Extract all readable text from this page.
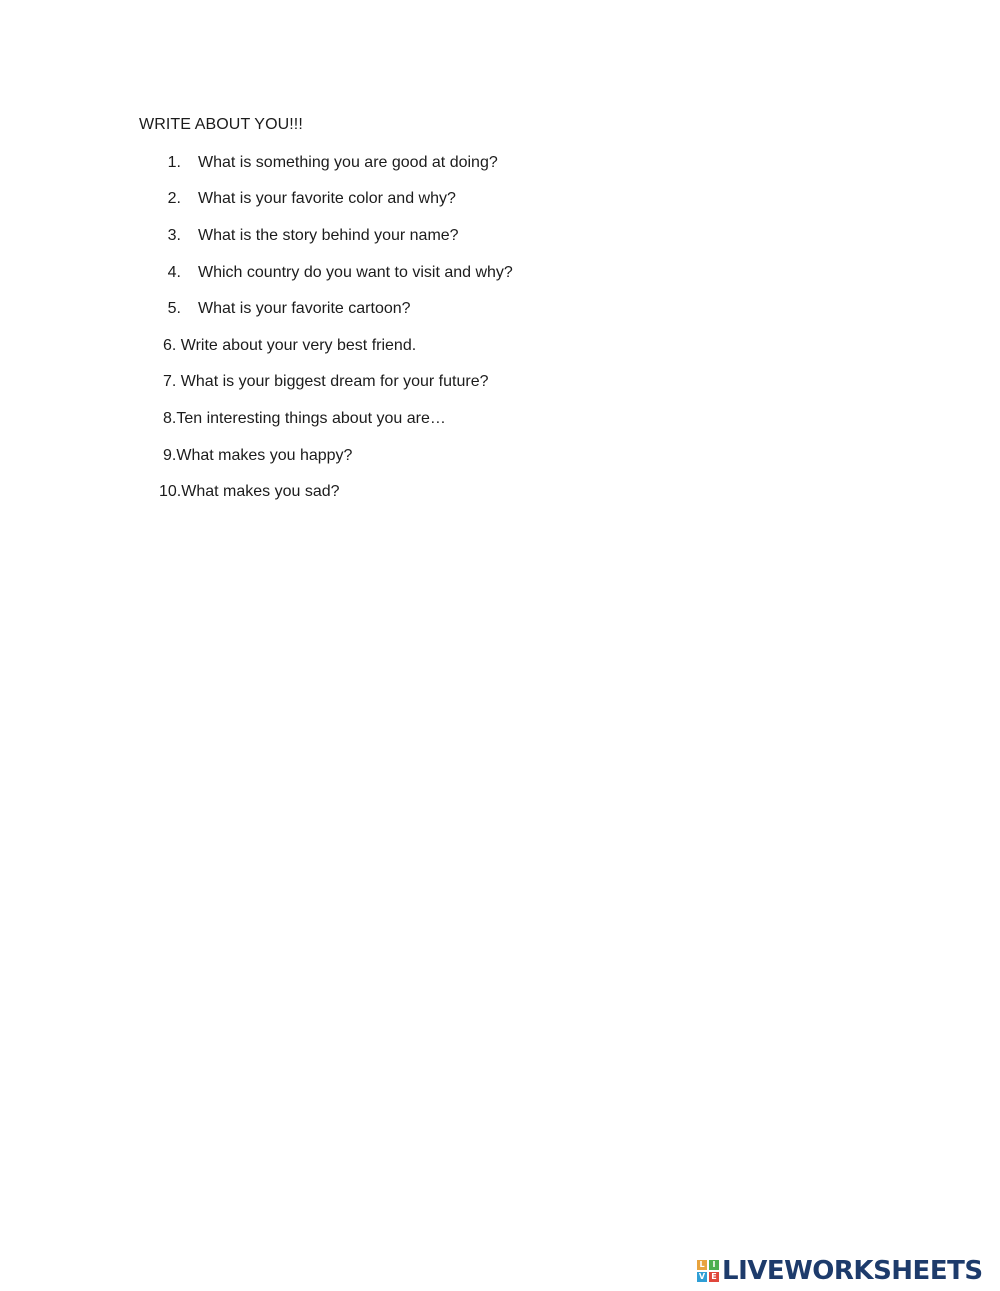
WRITE ABOUT YOU!!!
1. What is something you are good at doing?
2. What is your favorite color and why?
3. What is the story behind your name?
4. Which country do you want to visit and why?
5. What is your favorite cartoon?
6. Write about your very best friend.
7. What is your biggest dream for your future?
8.Ten interesting things about you are…
9.What makes you happy?
10.What makes you sad?
L I
V E LIVEWORKSHEETS
